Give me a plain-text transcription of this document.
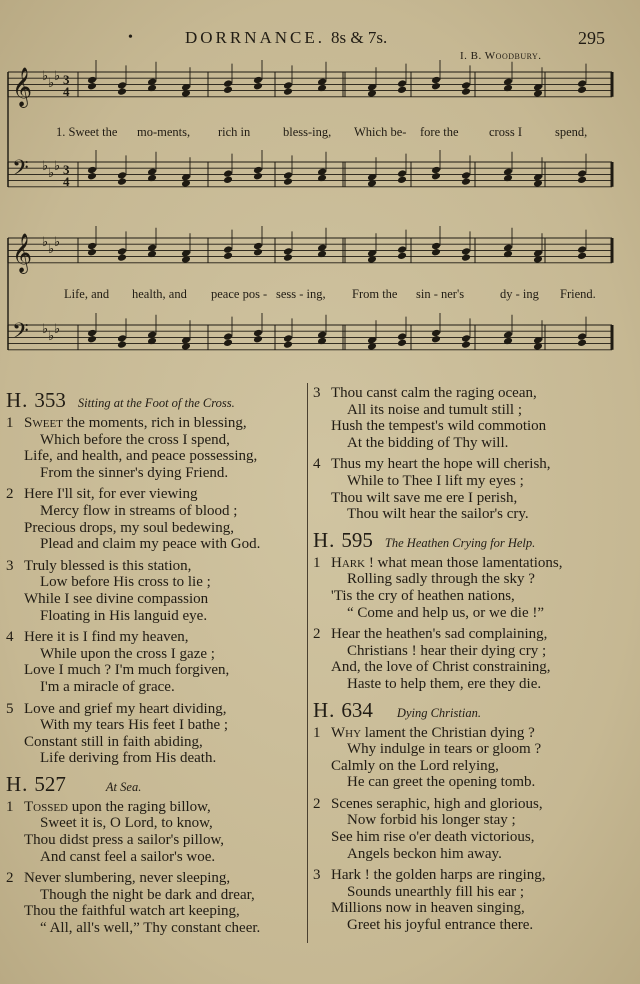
•	DORRNANCE. 8s & 7s.	295
I. B. Woodbury.
𝄞 ♭ ♭ ♭ 3
4
𝄢 ♭ ♭ ♭ 3
4
𝄞 ♭ ♭ ♭
𝄢 ♭ ♭ ♭
1. Sweet the mo-ments, rich in	bless-ing, Which be- fore the cross I	spend,
Life, and health, and peace pos - sess - ing, From the sin - ner's	dy - ing Friend.
H. 353 Sitting at the Foot of the Cross.
1 Sweet the moments, rich in blessing,
Which before the cross I spend,
Life, and health, and peace possessing,
From the sinner's dying Friend.
2 Here I'll sit, for ever viewing
Mercy flow in streams of blood ;
Precious drops, my soul bedewing,
Plead and claim my peace with God.
3 Truly blessed is this station,
Low before His cross to lie ;
While I see divine compassion
Floating in His languid eye.
4 Here it is I find my heaven,
While upon the cross I gaze ;
Love I much ? I'm much forgiven,
I'm a miracle of grace.
5 Love and grief my heart dividing,
With my tears His feet I bathe ;
Constant still in faith abiding,
Life deriving from His death.
H. 527	At Sea.
1 Tossed upon the raging billow,
Sweet it is, O Lord, to know,
Thou didst press a sailor's pillow,
And canst feel a sailor's woe.
2 Never slumbering, never sleeping,
Though the night be dark and drear,
Thou the faithful watch art keeping,
“ All, all's well,” Thy constant cheer.
3 Thou canst calm the raging ocean,
All its noise and tumult still ;
Hush the tempest's wild commotion
At the bidding of Thy will.
4 Thus my heart the hope will cherish,
While to Thee I lift my eyes ;
Thou wilt save me ere I perish,
Thou wilt hear the sailor's cry.
H. 595 The Heathen Crying for Help.
1 Hark ! what mean those lamentations,
Rolling sadly through the sky ?
'Tis the cry of heathen nations,
“ Come and help us, or we die !”
2 Hear the heathen's sad complaining,
Christians ! hear their dying cry ;
And, the love of Christ constraining,
Haste to help them, ere they die.
H. 634 Dying Christian.
1 Why lament the Christian dying ?
Why indulge in tears or gloom ?
Calmly on the Lord relying,
He can greet the opening tomb.
2 Scenes seraphic, high and glorious,
Now forbid his longer stay ;
See him rise o'er death victorious,
Angels beckon him away.
3 Hark ! the golden harps are ringing,
Sounds unearthly fill his ear ;
Millions now in heaven singing,
Greet his joyful entrance there.
